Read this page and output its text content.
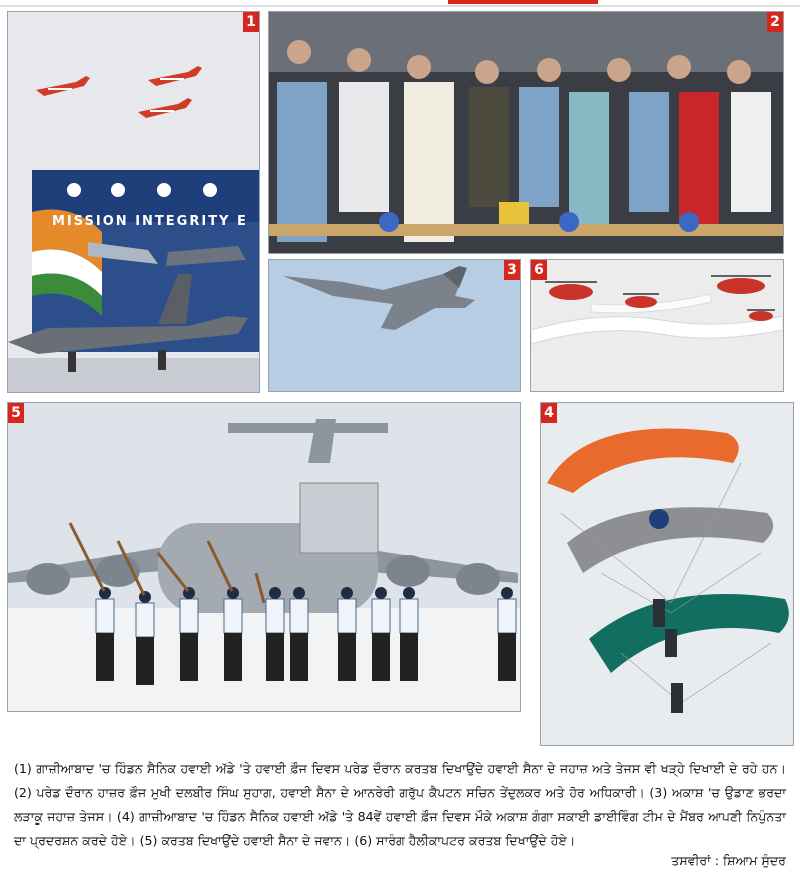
MISSION INTEGRITY E
1	2
3 6
5	4
(1) ਗਾਜ਼ੀਆਬਾਦ 'ਚ ਹਿੰਡਨ ਸੈਨਿਕ ਹਵਾਈ ਅੱਡੇ 'ਤੇ ਹਵਾਈ ਫ਼ੌਜ ਦਿਵਸ ਪਰੇਡ ਦੌਰਾਨ ਕਰਤਬ ਦਿਖਾਉਂਦੇ ਹਵਾਈ ਸੈਨਾ ਦੇ ਜਹਾਜ਼ ਅਤੇ ਤੇਜਸ ਵੀ ਖੜ੍ਹੇ ਦਿਖਾਈ ਦੇ ਰਹੇ ਹਨ। (2) ਪਰੇਡ ਦੌਰਾਨ ਹਾਜ਼ਰ ਫ਼ੌਜ ਮੁਖੀ ਦਲਬੀਰ ਸਿੰਘ ਸੁਹਾਗ, ਹਵਾਈ ਸੈਨਾ ਦੇ ਆਨਰੇਰੀ ਗਰੁੱਪ ਕੈਪਟਨ ਸਚਿਨ ਤੇਂਦੁਲਕਰ ਅਤੇ ਹੋਰ ਅਧਿਕਾਰੀ। (3) ਅਕਾਸ਼ 'ਚ ਉਡਾਣ ਭਰਦਾ ਲੜਾਕੂ ਜਹਾਜ਼ ਤੇਜਸ। (4) ਗਾਜ਼ੀਆਬਾਦ 'ਚ ਹਿੰਡਨ ਸੈਨਿਕ ਹਵਾਈ ਅੱਡੇ 'ਤੇ 84ਵੇਂ ਹਵਾਈ ਫ਼ੌਜ ਦਿਵਸ ਮੌਕੇ ਅਕਾਸ਼ ਗੰਗਾ ਸਕਾਈ ਡਾਈਵਿੰਗ ਟੀਮ ਦੇ ਮੈਂਬਰ ਆਪਣੀ ਨਿਪੁੰਨਤਾ ਦਾ ਪ੍ਰਦਰਸ਼ਨ ਕਰਦੇ ਹੋਏ। (5) ਕਰਤਬ ਦਿਖਾਉਂਦੇ ਹਵਾਈ ਸੈਨਾ ਦੇ ਜਵਾਨ। (6) ਸਾਰੰਗ ਹੈਲੀਕਾਪਟਰ ਕਰਤਬ ਦਿਖਾਉਂਦੇ ਹੋਏ।
ਤਸਵੀਰਾਂ : ਸ਼ਿਆਮ ਸੁੰਦਰ
